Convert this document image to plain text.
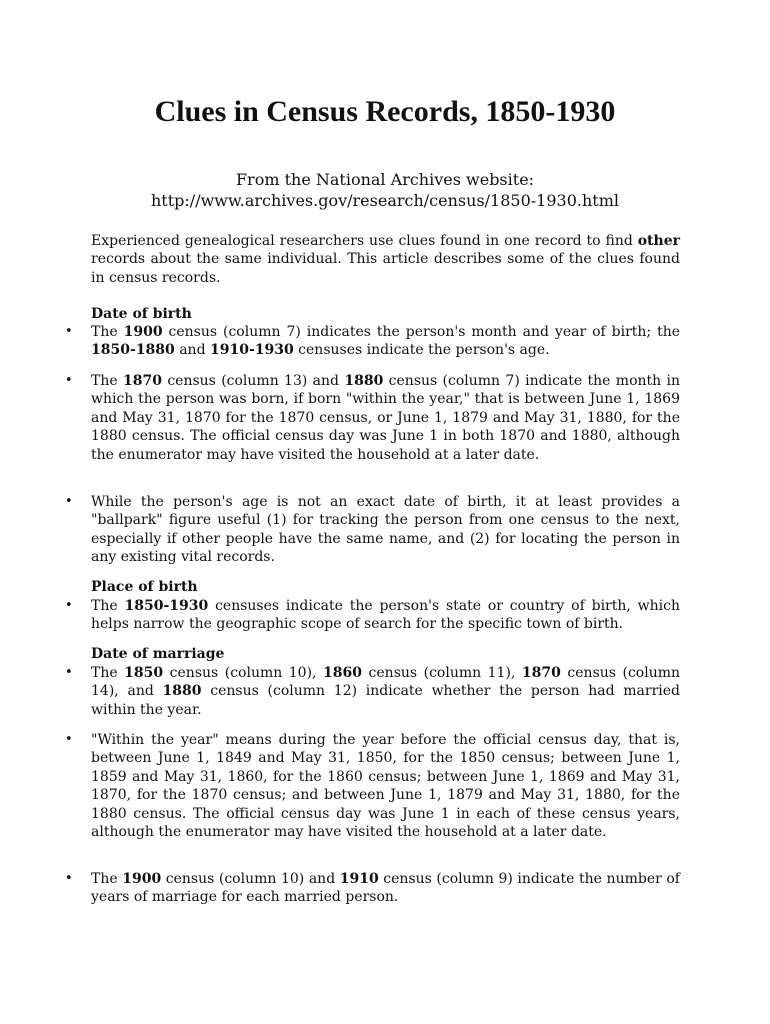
Clues in Census Records, 1850-1930
From the National Archives website:
http://www.archives.gov/research/census/1850-1930.html

Experienced genealogical researchers use clues found in one record to find other records about the same individual. This article describes some of the clues found in census records.

Date of birth
• The 1900 census (column 7) indicates the person's month and year of birth; the 1850-1880 and 1910-1930 censuses indicate the person's age.
• The 1870 census (column 13) and 1880 census (column 7) indicate the month in which the person was born, if born "within the year," that is between June 1, 1869 and May 31, 1870 for the 1870 census, or June 1, 1879 and May 31, 1880, for the 1880 census. The official census day was June 1 in both 1870 and 1880, although the enumerator may have visited the household at a later date.
• While the person's age is not an exact date of birth, it at least provides a "ballpark" figure useful (1) for tracking the person from one census to the next, especially if other people have the same name, and (2) for locating the person in any existing vital records.
Place of birth
• The 1850-1930 censuses indicate the person's state or country of birth, which helps narrow the geographic scope of search for the specific town of birth.
Date of marriage
• The 1850 census (column 10), 1860 census (column 11), 1870 census (column 14), and 1880 census (column 12) indicate whether the person had married within the year.
• "Within the year" means during the year before the official census day, that is, between June 1, 1849 and May 31, 1850, for the 1850 census; between June 1, 1859 and May 31, 1860, for the 1860 census; between June 1, 1869 and May 31, 1870, for the 1870 census; and between June 1, 1879 and May 31, 1880, for the 1880 census. The official census day was June 1 in each of these census years, although the enumerator may have visited the household at a later date.
• The 1900 census (column 10) and 1910 census (column 9) indicate the number of years of marriage for each married person.
